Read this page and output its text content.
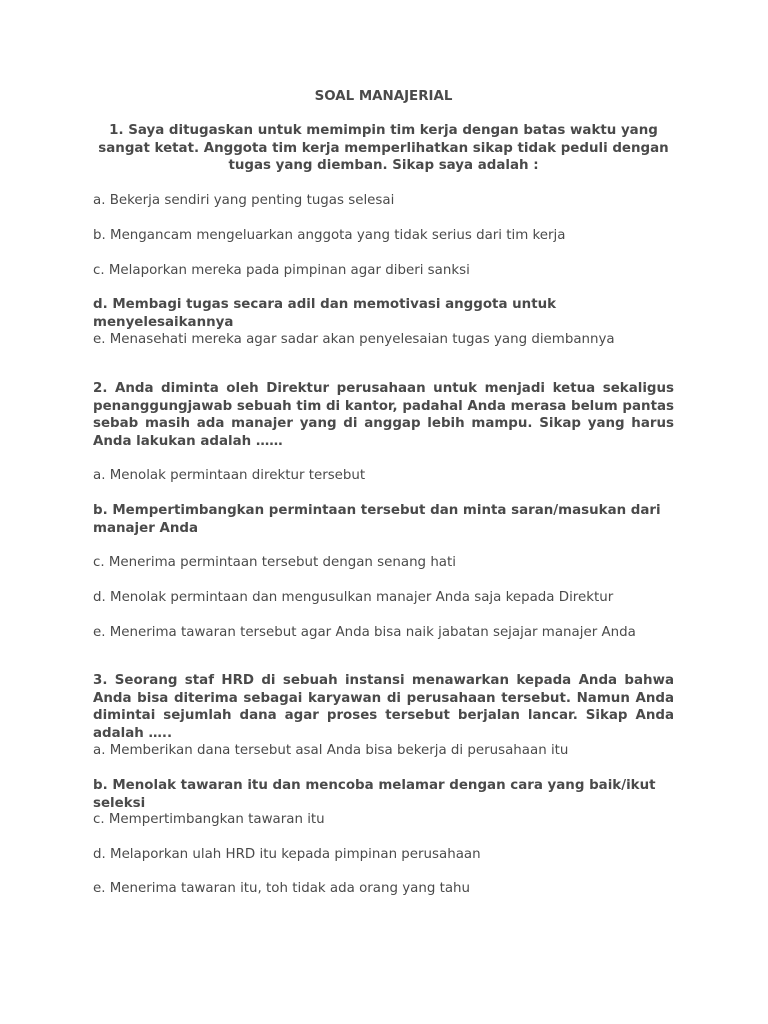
SOAL MANAJERIAL
1. Saya ditugaskan untuk memimpin tim kerja dengan batas waktu yang sangat ketat. Anggota tim kerja memperlihatkan sikap tidak peduli dengan tugas yang diemban. Sikap saya adalah :
a. Bekerja sendiri yang penting tugas selesai
b. Mengancam mengeluarkan anggota yang tidak serius dari tim kerja
c. Melaporkan mereka pada pimpinan agar diberi sanksi
d. Membagi tugas secara adil dan memotivasi anggota untuk menyelesaikannya
e. Menasehati mereka agar sadar akan penyelesaian tugas yang diembannya
2. Anda diminta oleh Direktur perusahaan untuk menjadi ketua sekaligus penanggungjawab sebuah tim di kantor, padahal Anda merasa belum pantas sebab masih ada manajer yang di anggap lebih mampu. Sikap yang harus Anda lakukan adalah ……
a. Menolak permintaan direktur tersebut
b. Mempertimbangkan permintaan tersebut dan minta saran/masukan dari manajer Anda
c. Menerima permintaan tersebut dengan senang hati
d. Menolak permintaan dan mengusulkan manajer Anda saja kepada Direktur
e. Menerima tawaran tersebut agar Anda bisa naik jabatan sejajar manajer Anda
3. Seorang staf HRD di sebuah instansi menawarkan kepada Anda bahwa Anda bisa diterima sebagai karyawan di perusahaan tersebut. Namun Anda dimintai sejumlah dana agar proses tersebut berjalan lancar. Sikap Anda adalah …..
a. Memberikan dana tersebut asal Anda bisa bekerja di perusahaan itu
b. Menolak tawaran itu dan mencoba melamar dengan cara yang baik/ikut seleksi
c. Mempertimbangkan tawaran itu
d. Melaporkan ulah HRD itu kepada pimpinan perusahaan
e. Menerima tawaran itu, toh tidak ada orang yang tahu
